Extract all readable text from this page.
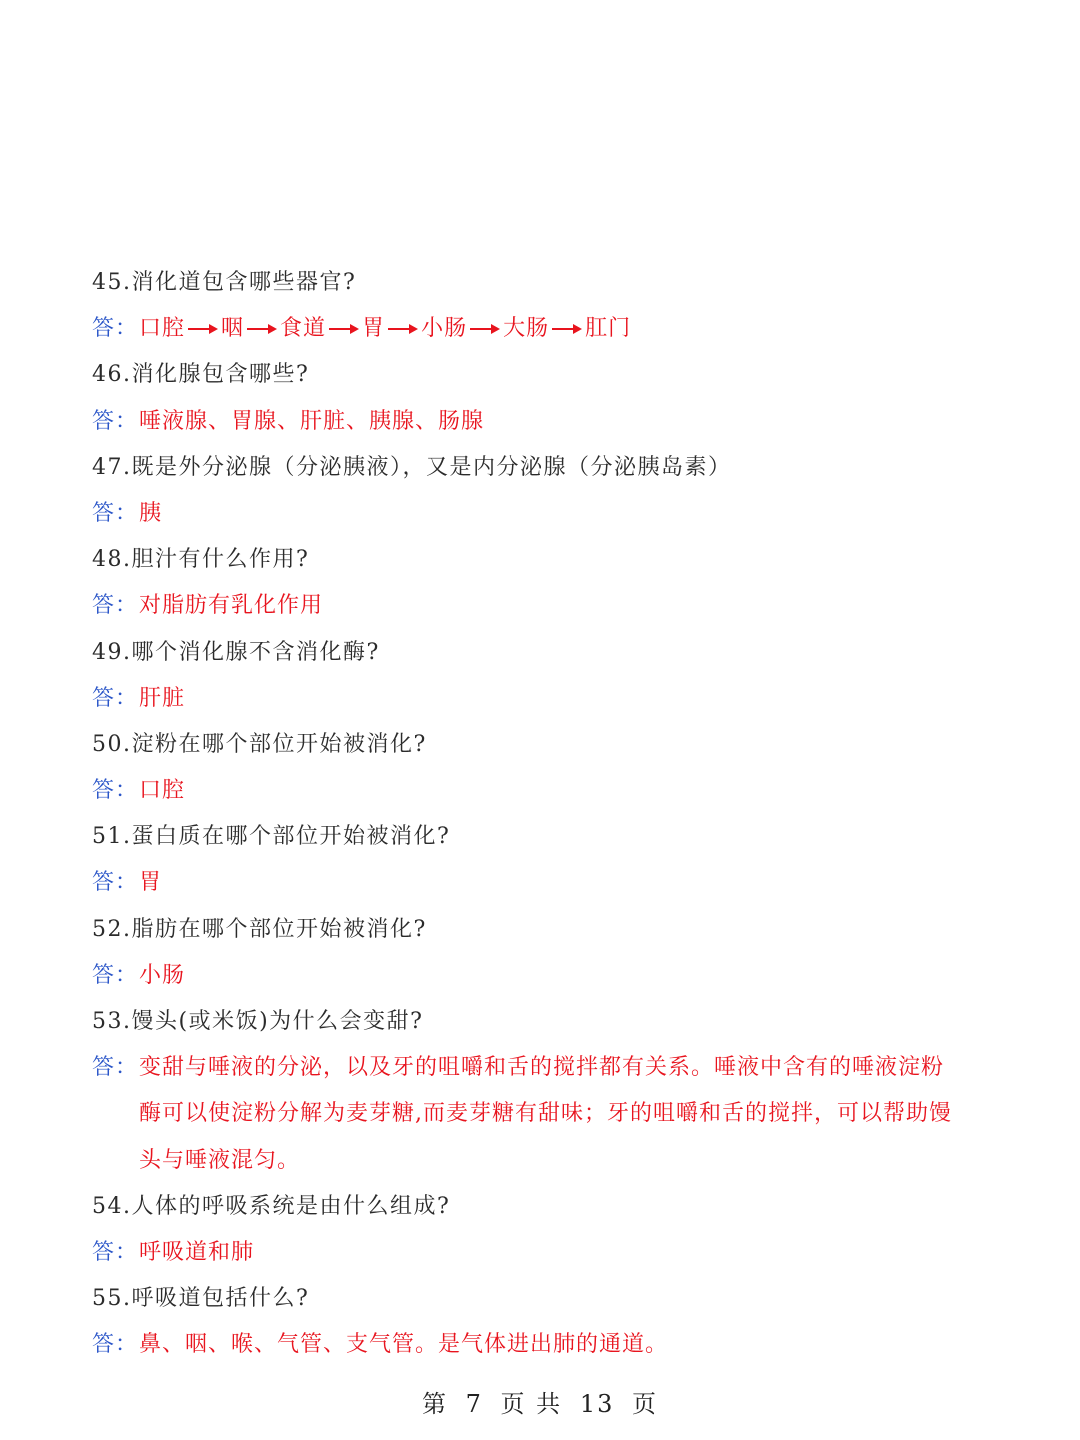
45.消化道包含哪些器官?
答：口腔 咽 食道 胃 小肠 大肠 肛门
46.消化腺包含哪些?
答：唾液腺、胃腺、肝脏、胰腺、肠腺
47.既是外分泌腺（分泌胰液），又是内分泌腺（分泌胰岛素）
答：胰
48.胆汁有什么作用?
答：对脂肪有乳化作用
49.哪个消化腺不含消化酶?
答：肝脏
50.淀粉在哪个部位开始被消化?
答：口腔
51.蛋白质在哪个部位开始被消化?
答：胃
52.脂肪在哪个部位开始被消化?
答：小肠
53.馒头(或米饭)为什么会变甜?
答：变甜与唾液的分泌，以及牙的咀嚼和舌的搅拌都有关系。唾液中含有的唾液淀粉
酶可以使淀粉分解为麦芽糖,而麦芽糖有甜味；牙的咀嚼和舌的搅拌，可以帮助馒
头与唾液混匀。
54.人体的呼吸系统是由什么组成?
答：呼吸道和肺
55.呼吸道包括什么?
答：鼻、咽、喉、气管、支气管。是气体进出肺的通道。
第 7 页 共 13 页
